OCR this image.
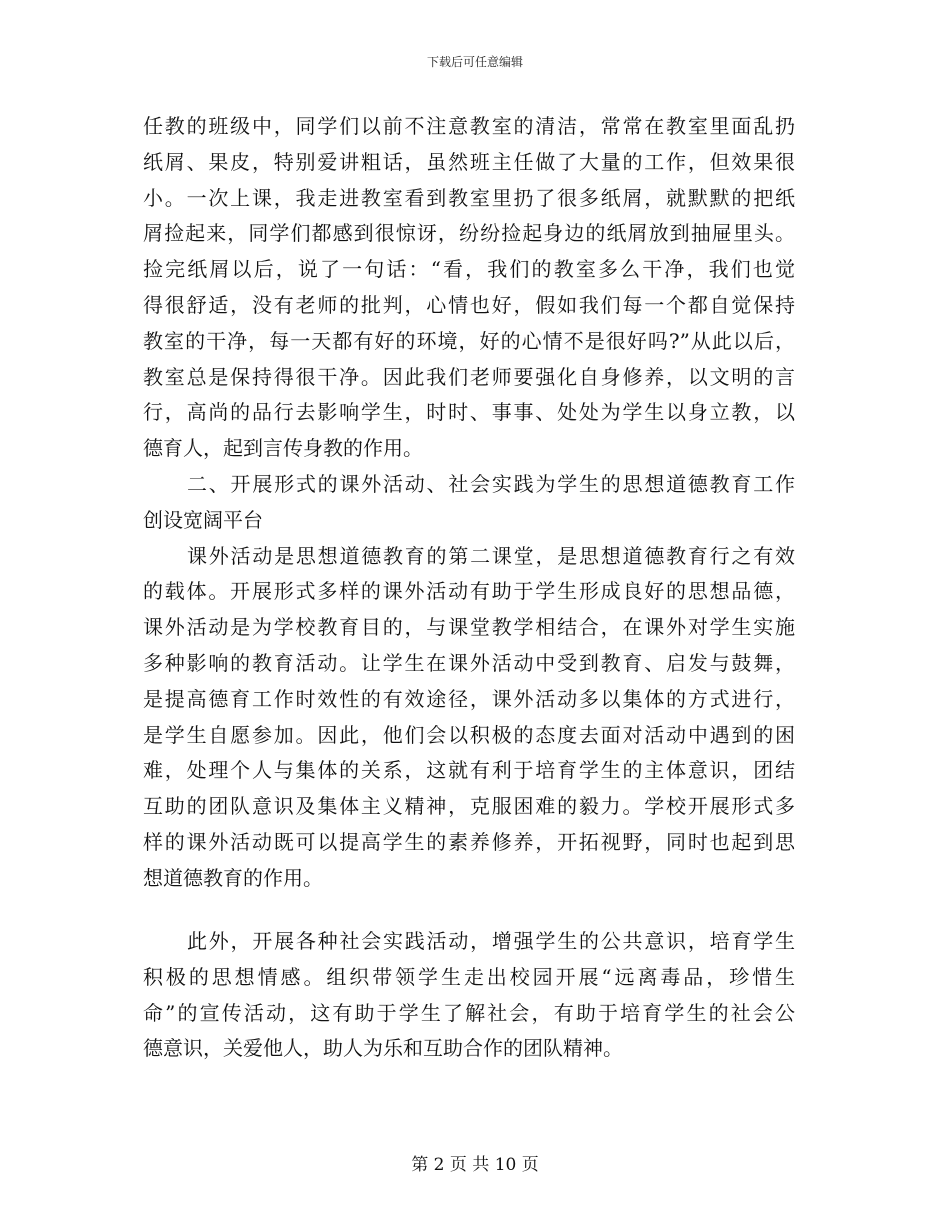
下载后可任意编辑
任教的班级中，同学们以前不注意教室的清洁，常常在教室里面乱扔
纸屑、果皮，特别爱讲粗话，虽然班主任做了大量的工作，但效果很
小。一次上课，我走进教室看到教室里扔了很多纸屑，就默默的把纸
屑捡起来，同学们都感到很惊讶，纷纷捡起身边的纸屑放到抽屉里头。
捡完纸屑以后，说了一句话：“看，我们的教室多么干净，我们也觉
得很舒适，没有老师的批判，心情也好，假如我们每一个都自觉保持
教室的干净，每一天都有好的环境，好的心情不是很好吗?”从此以后，
教室总是保持得很干净。因此我们老师要强化自身修养，以文明的言
行，高尚的品行去影响学生，时时、事事、处处为学生以身立教，以
德育人，起到言传身教的作用。
二、开展形式的课外活动、社会实践为学生的思想道德教育工作
创设宽阔平台
课外活动是思想道德教育的第二课堂，是思想道德教育行之有效
的载体。开展形式多样的课外活动有助于学生形成良好的思想品德，
课外活动是为学校教育目的，与课堂教学相结合，在课外对学生实施
多种影响的教育活动。让学生在课外活动中受到教育、启发与鼓舞，
是提高德育工作时效性的有效途径，课外活动多以集体的方式进行，
是学生自愿参加。因此，他们会以积极的态度去面对活动中遇到的困
难，处理个人与集体的关系，这就有利于培育学生的主体意识，团结
互助的团队意识及集体主义精神，克服困难的毅力。学校开展形式多
样的课外活动既可以提高学生的素养修养，开拓视野，同时也起到思
想道德教育的作用。
此外，开展各种社会实践活动，增强学生的公共意识，培育学生
积极的思想情感。组织带领学生走出校园开展“远离毒品，珍惜生
命”的宣传活动，这有助于学生了解社会，有助于培育学生的社会公
德意识，关爱他人，助人为乐和互助合作的团队精神。
第 2 页 共 10 页
